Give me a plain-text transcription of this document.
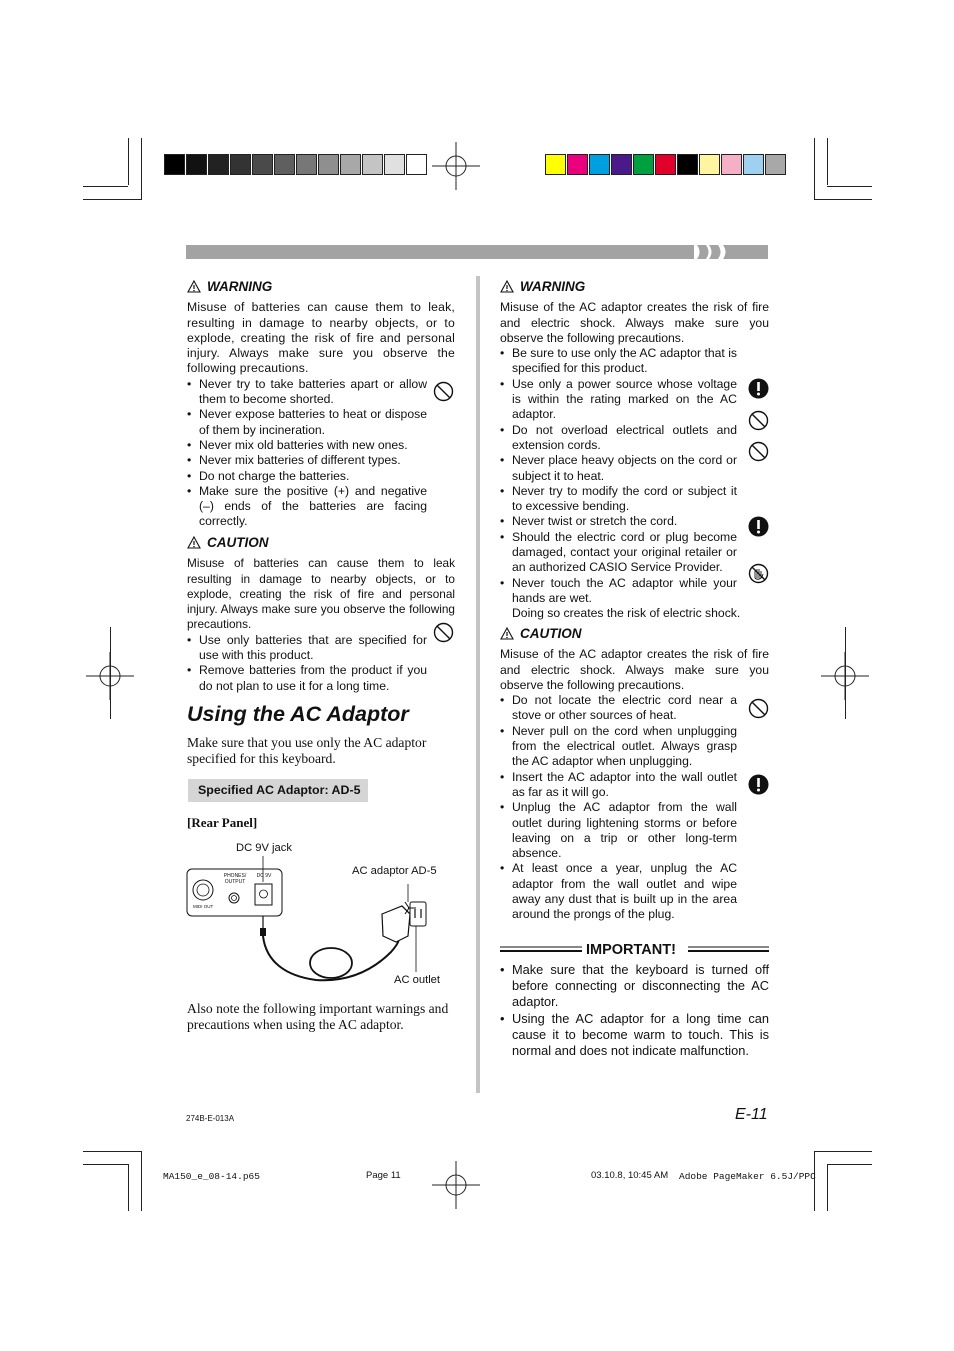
WARNING

Misuse of batteries can cause them to leak, resulting in damage to nearby objects, or to explode, creating the risk of fire and personal injury. Always make sure you observe the following precautions.

• Never try to take batteries apart or allow them to become shorted.
• Never expose batteries to heat or dispose of them by incineration.
• Never mix old batteries with new ones.
• Never mix batteries of different types.
• Do not charge the batteries.
• Make sure the positive (+) and negative (–) ends of the batteries are facing correctly.
CAUTION

Misuse of batteries can cause them to leak resulting in damage to nearby objects, or to explode, creating the risk of fire and personal injury. Always make sure you observe the following precautions.

• Use only batteries that are specified for use with this product.
• Remove batteries from the product if you do not plan to use it for a long time.
Using the AC Adaptor

Make sure that you use only the AC adaptor specified for this keyboard.

Specified AC Adaptor: AD-5
[Rear Panel]
DC 9V jack
AC adaptor AD-5
AC outlet
PHONES/ OUTPUT
DC 9V
MIDI OUT

Also note the following important warnings and precautions when using the AC adaptor.

WARNING

Misuse of the AC adaptor creates the risk of fire and electric shock. Always make sure you observe the following precautions.

• Be sure to use only the AC adaptor that is specified for this product.
• Use only a power source whose voltage is within the rating marked on the AC adaptor.
• Do not overload electrical outlets and extension cords.
• Never place heavy objects on the cord or subject it to heat.
• Never try to modify the cord or subject it to excessive bending.
• Never twist or stretch the cord.
• Should the electric cord or plug become damaged, contact your original retailer or an authorized CASIO Service Provider.
• Never touch the AC adaptor while your hands are wet.

Doing so creates the risk of electric shock.

CAUTION

Misuse of the AC adaptor creates the risk of fire and electric shock. Always make sure you observe the following precautions.

• Do not locate the electric cord near a stove or other sources of heat.
• Never pull on the cord when unplugging from the electrical outlet. Always grasp the AC adaptor when unplugging.
• Insert the AC adaptor into the wall outlet as far as it will go.
• Unplug the AC adaptor from the wall outlet during lightening storms or before leaving on a trip or other long-term absence.
• At least once a year, unplug the AC adaptor from the wall outlet and wipe away any dust that is built up in the area around the prongs of the plug.
IMPORTANT!
• Make sure that the keyboard is turned off before connecting or disconnecting the AC adaptor.
• Using the AC adaptor for a long time can cause it to become warm to touch. This is normal and does not indicate malfunction.
274B-E-013A	E-11
MA150_e_08-14.p65	Page 11	03.10.8, 10:45 AM Adobe PageMaker 6.5J/PPC
